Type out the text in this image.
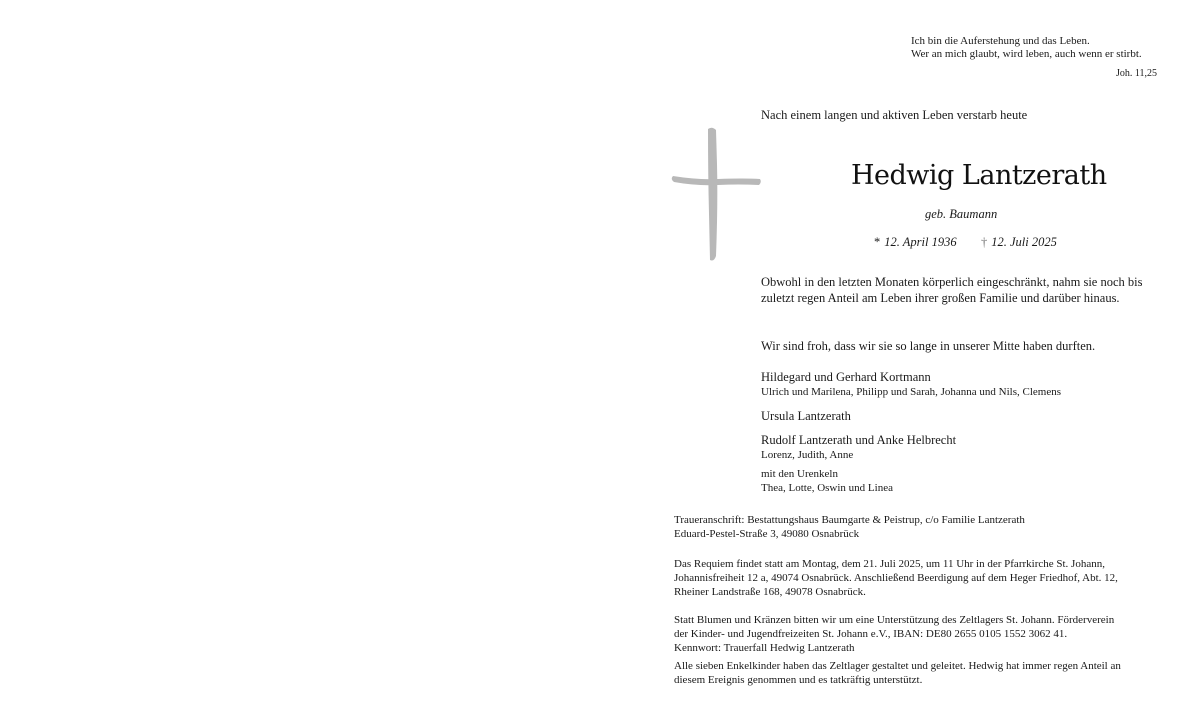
Ich bin die Auferstehung und das Leben.
Wer an mich glaubt, wird leben, auch wenn er stirbt.
Joh. 11,25
Nach einem langen und aktiven Leben verstarb heute
Hedwig Lantzerath
geb. Baumann
* 12. April 1936 † 12. Juli 2025
Obwohl in den letzten Monaten körperlich eingeschränkt, nahm sie noch bis zuletzt regen Anteil am Leben ihrer großen Familie und darüber hinaus.
Wir sind froh, dass wir sie so lange in unserer Mitte haben durften.
Hildegard und Gerhard Kortmann
Ulrich und Marilena, Philipp und Sarah, Johanna und Nils, Clemens
Ursula Lantzerath
Rudolf Lantzerath und Anke Helbrecht
Lorenz, Judith, Anne
mit den Urenkeln
Thea, Lotte, Oswin und Linea
Traueranschrift: Bestattungshaus Baumgarte & Peistrup, c/o Familie Lantzerath
Eduard-Pestel-Straße 3, 49080 Osnabrück
Das Requiem findet statt am Montag, dem 21. Juli 2025, um 11 Uhr in der Pfarrkirche St. Johann,
Johannisfreiheit 12 a, 49074 Osnabrück. Anschließend Beerdigung auf dem Heger Friedhof, Abt. 12,
Rheiner Landstraße 168, 49078 Osnabrück.
Statt Blumen und Kränzen bitten wir um eine Unterstützung des Zeltlagers St. Johann. Förderverein
der Kinder- und Jugendfreizeiten St. Johann e.V., IBAN: DE80 2655 0105 1552 3062 41.
Kennwort: Trauerfall Hedwig Lantzerath
Alle sieben Enkelkinder haben das Zeltlager gestaltet und geleitet. Hedwig hat immer regen Anteil an
diesem Ereignis genommen und es tatkräftig unterstützt.
